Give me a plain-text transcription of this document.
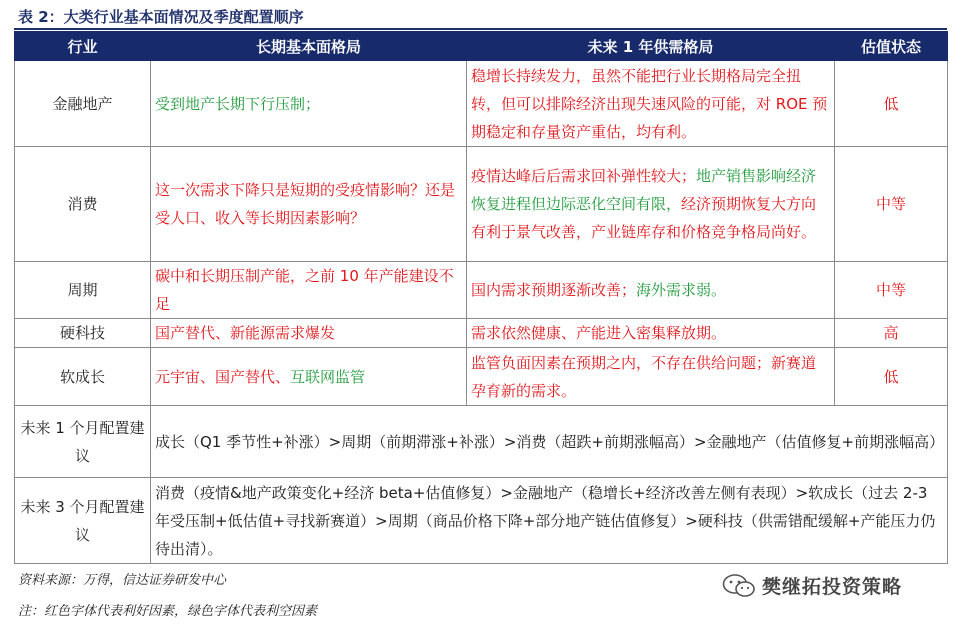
表 2：大类行业基本面情况及季度配置顺序
行业	长期基本面格局	未来 1 年供需格局	估值状态
金融地产	受到地产长期下行压制；	稳增长持续发力，虽然不能把行业长期格局完全扭转，但可以排除经济出现失速风险的可能，对 ROE 预期稳定和存量资产重估，均有利。	低
消费	这一次需求下降只是短期的受疫情影响？还是受人口、收入等长期因素影响？	疫情达峰后后需求回补弹性较大；地产销售影响经济恢复进程但边际恶化空间有限，经济预期恢复大方向有利于景气改善，产业链库存和价格竞争格局尚好。	中等
周期	碳中和长期压制产能，之前 10 年产能建设不足	国内需求预期逐渐改善；海外需求弱。	中等
硬科技	国产替代、新能源需求爆发	需求依然健康、产能进入密集释放期。	高
软成长	元宇宙、国产替代、互联网监管	监管负面因素在预期之内，不存在供给问题；新赛道孕育新的需求。	低
未来 1 个月配置建议	成长（Q1 季节性+补涨）>周期（前期滞涨+补涨）>消费（超跌+前期涨幅高）>金融地产（估值修复+前期涨幅高）		
未来 3 个月配置建议	消费（疫情&地产政策变化+经济 beta+估值修复）>金融地产（稳增长+经济改善左侧有表现）>软成长（过去 2-3 年受压制+低估值+寻找新赛道）>周期（商品价格下降+部分地产链估值修复）>硬科技（供需错配缓解+产能压力仍待出清）。		
资料来源：万得，信达证券研发中心
注：红色字体代表利好因素，绿色字体代表利空因素
樊继拓投资策略
